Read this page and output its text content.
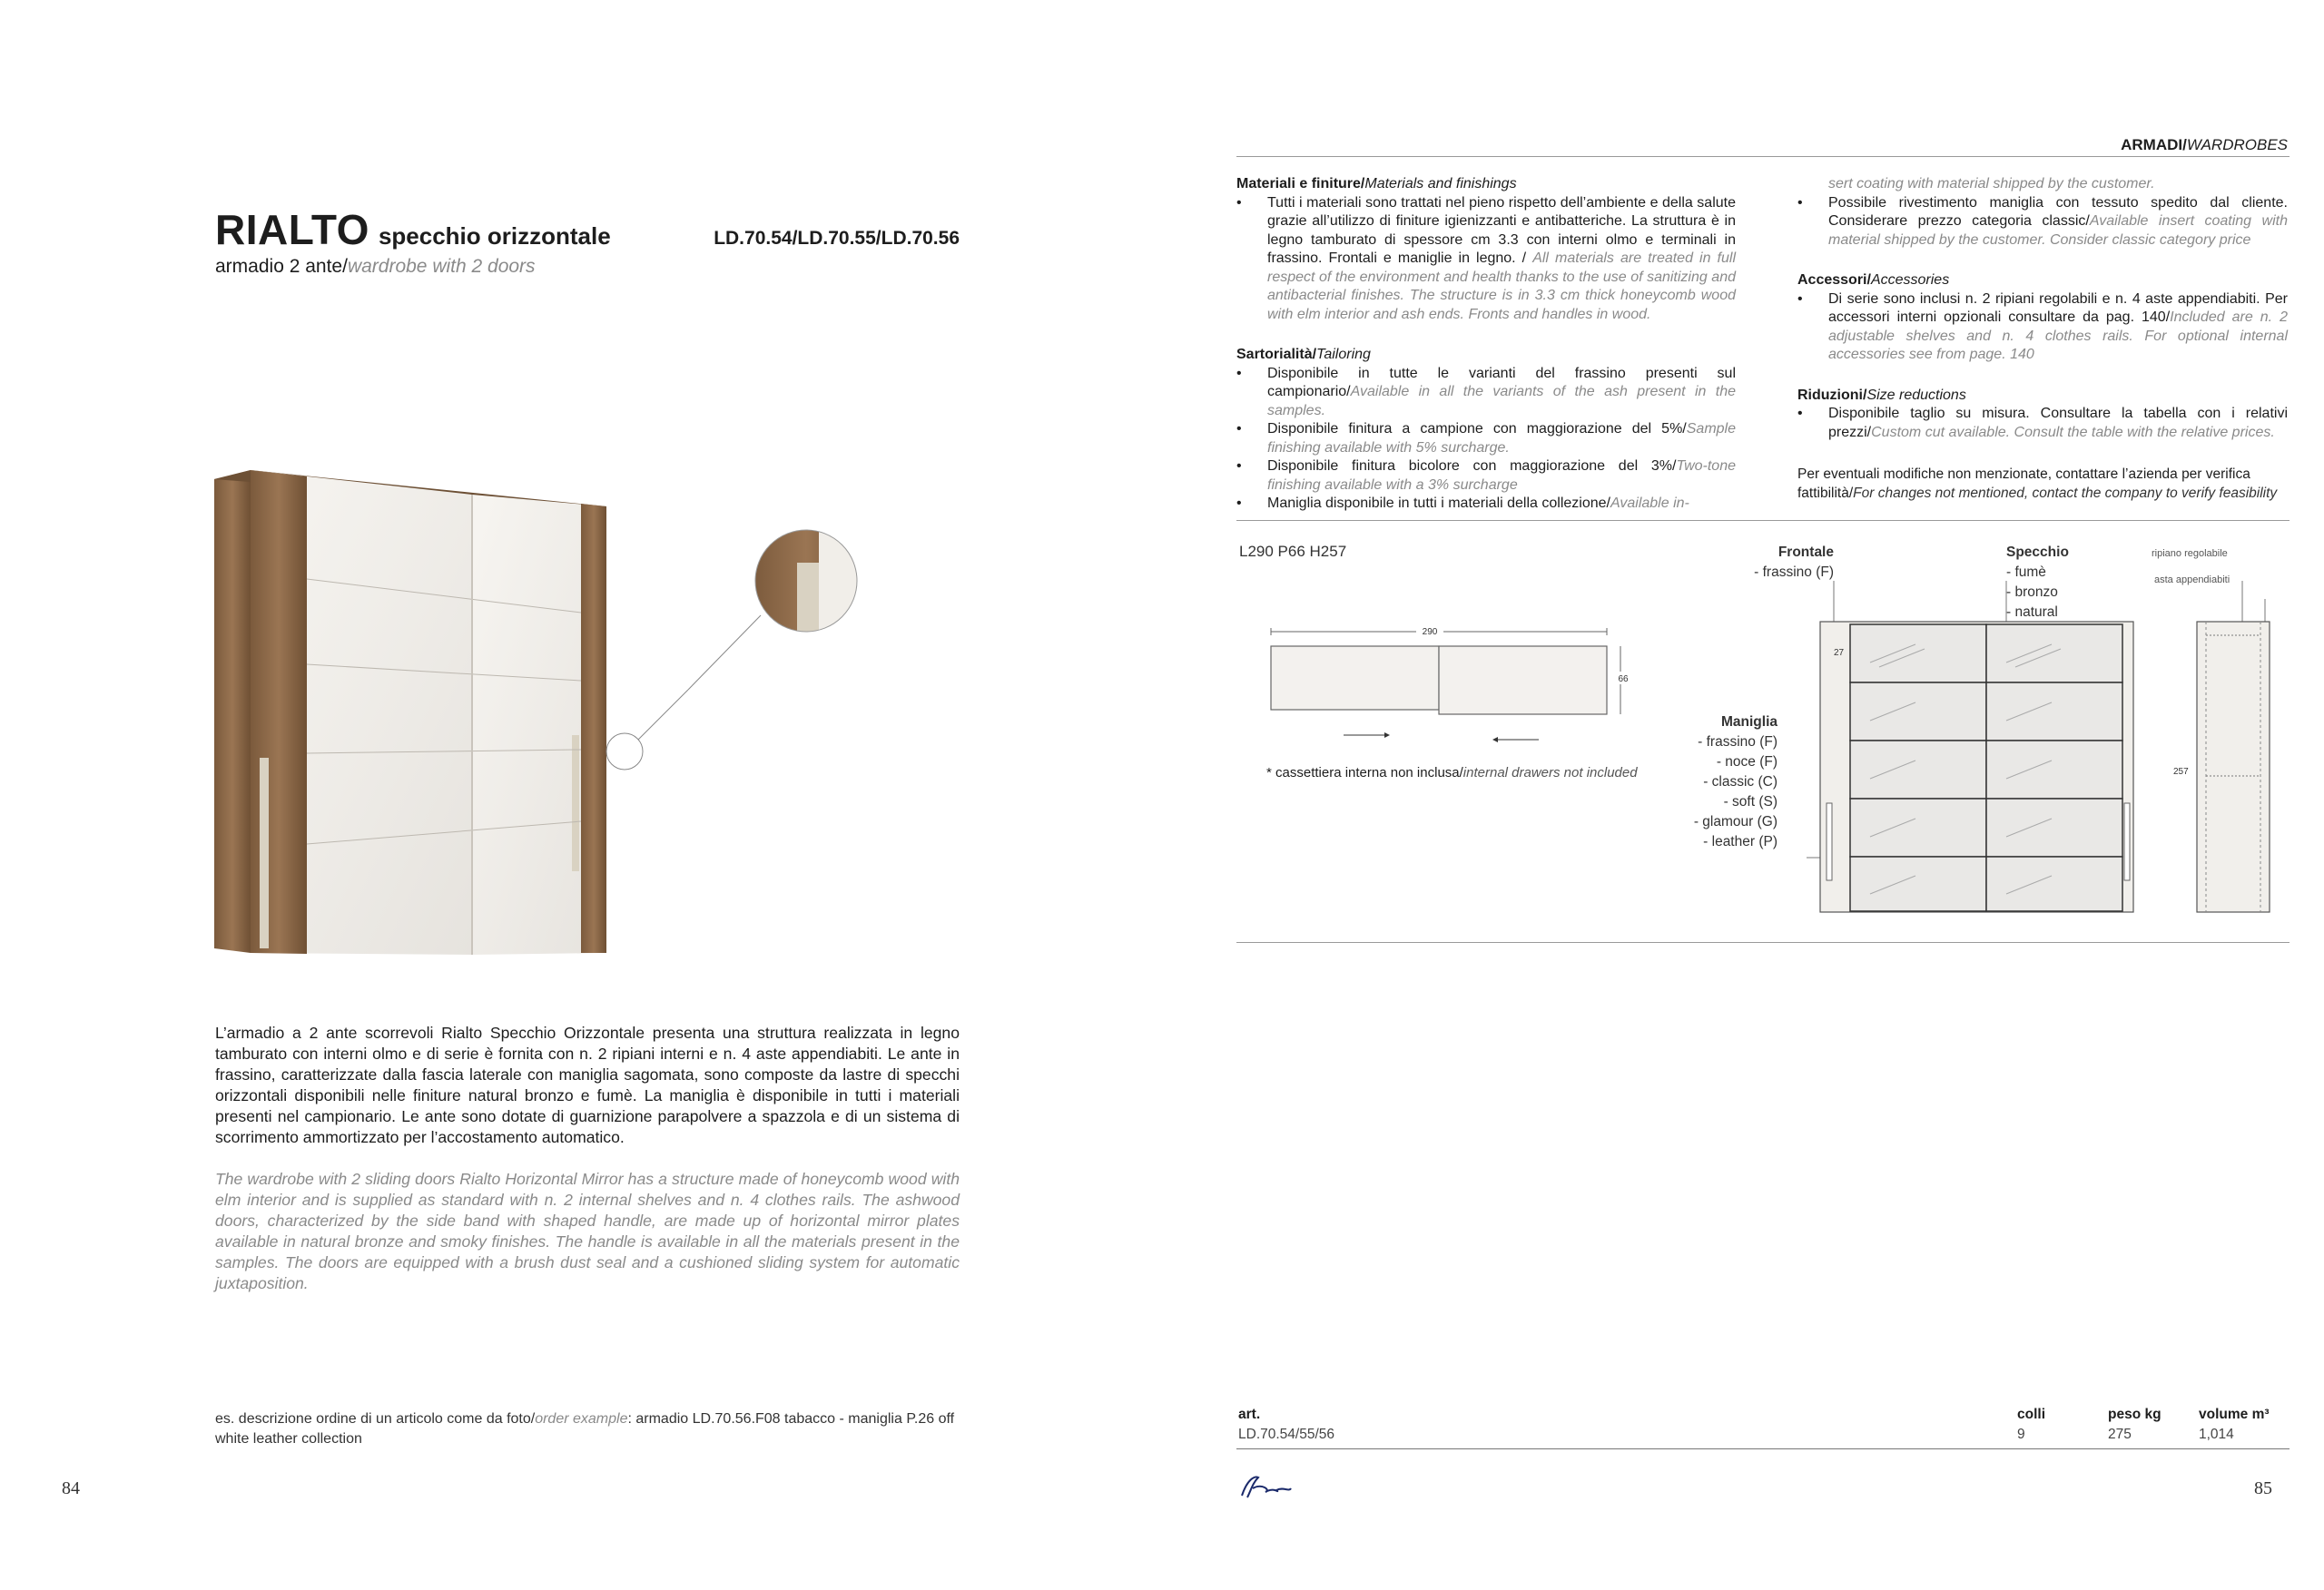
RIALTO specchio orizzontale	LD.70.54/LD.70.55/LD.70.56
armadio 2 ante/wardrobe with 2 doors
L’armadio a 2 ante scorrevoli Rialto Specchio Orizzontale presenta una struttura realizzata in legno tamburato con interni olmo e di serie è fornita con n. 2 ripiani interni e n. 4 aste appendiabiti. Le ante in frassino, caratterizzate dalla fascia laterale con maniglia sagomata, sono composte da lastre di specchi orizzontali disponibili nelle finiture natural bronzo e fumè. La maniglia è disponibile in tutti i materiali presenti nel campionario. Le ante sono dotate di guarnizione parapolvere a spazzola e di un sistema di scorrimento ammortizzato per l’accostamento automatico.
The wardrobe with 2 sliding doors Rialto Horizontal Mirror has a structure made of honeycomb wood with elm interior and is supplied as standard with n. 2 internal shelves and n. 4 clothes rails. The ashwood doors, characterized by the side band with shaped handle, are made up of horizontal mirror plates available in natural bronze and smoky finishes. The handle is available in all the materials present in the samples. The doors are equipped with a brush dust seal and a cushioned sliding system for automatic juxtaposition.
es. descrizione ordine di un articolo come da foto/order example: armadio LD.70.56.F08 tabacco - maniglia P.26 off white leather collection
84
ARMADI/WARDROBES
Materiali e finiture/Materials and finishings
• Tutti i materiali sono trattati nel pieno rispetto dell’ambiente e della salute grazie all’utilizzo di finiture igienizzanti e antibatteriche. La struttura è in legno tamburato di spessore cm 3.3 con interni olmo e terminali in frassino. Frontali e maniglie in legno. / All materials are treated in full respect of the environment and health thanks to the use of sanitizing and antibacterial finishes. The structure is in 3.3 cm thick honeycomb wood with elm interior and ash ends. Fronts and handles in wood.
Sartorialità/Tailoring
• Disponibile in tutte le varianti del frassino presenti sul campionario/Available in all the variants of the ash present in the samples.
• Disponibile finitura a campione con maggiorazione del 5%/Sample finishing available with 5% surcharge.
• Disponibile finitura bicolore con maggiorazione del 3%/Two-tone finishing available with a 3% surcharge
• Maniglia disponibile in tutti i materiali della collezione/Available in-
sert coating with material shipped by the customer.
• Possibile rivestimento maniglia con tessuto spedito dal cliente. Considerare prezzo categoria classic/Available insert coating with material shipped by the customer. Consider classic category price
Accessori/Accessories
• Di serie sono inclusi n. 2 ripiani regolabili e n. 4 aste appendiabiti. Per accessori interni opzionali consultare da pag. 140/Included are n. 2 adjustable shelves and n. 4 clothes rails. For optional internal accessories see from page. 140
Riduzioni/Size reductions
• Disponibile taglio su misura. Consultare la tabella con i relativi prezzi/Custom cut available. Consult the table with the relative prices.
Per eventuali modifiche non menzionate, contattare l’azienda per verifica fattibilità/For changes not mentioned, contact the company to verify feasibility
L290 P66 H257
290
66
* cassettiera interna non inclusa/internal drawers not included
Frontale
- frassino (F)
Specchio
- fumè
- bronzo
- natural
Maniglia
- frassino (F)
- noce (F)
- classic (C)
- soft (S)
- glamour (G)
- leather (P)
ripiano regolabile
asta appendiabiti
27
257
art.	colli	peso kg	volume m³
LD.70.54/55/56	9	275	1,014
85
